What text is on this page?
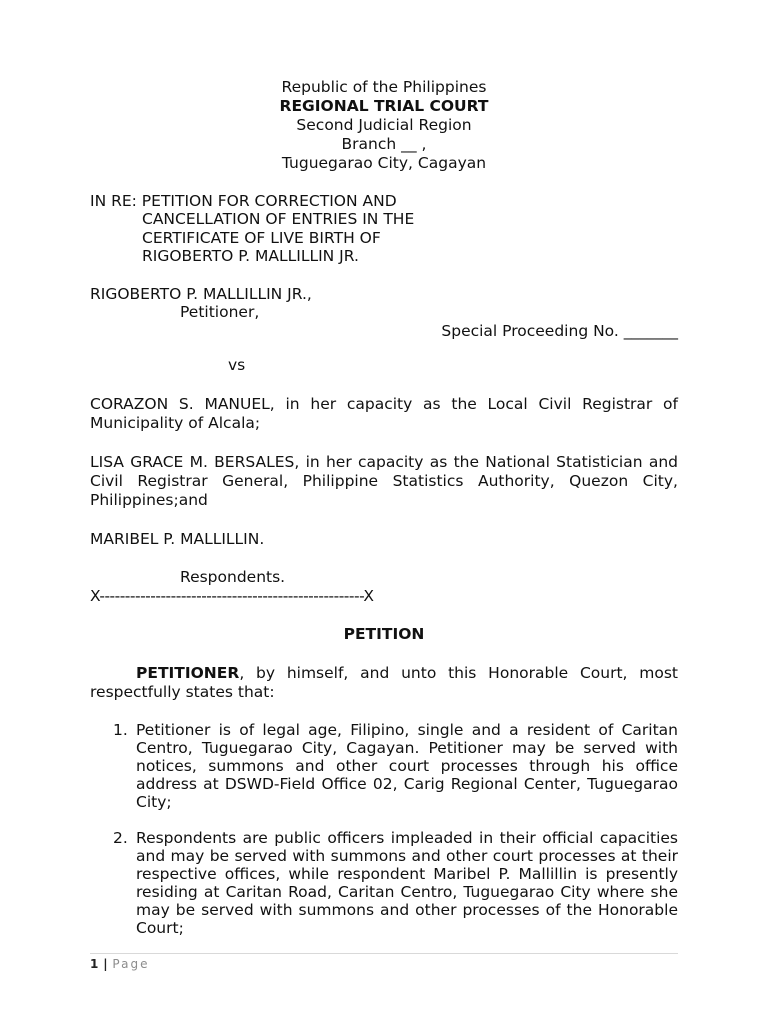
Republic of the Philippines
REGIONAL TRIAL COURT
Second Judicial Region
Branch __ ,
Tuguegarao City, Cagayan
IN RE: PETITION FOR CORRECTION AND
CANCELLATION OF ENTRIES IN THE
CERTIFICATE OF LIVE BIRTH OF
RIGOBERTO P. MALLILLIN JR.
RIGOBERTO P. MALLILLIN JR.,
Petitioner,
Special Proceeding No. _______
vs
CORAZON S. MANUEL, in her capacity as the Local Civil Registrar of Municipality of Alcala;
LISA GRACE M. BERSALES, in her capacity as the National Statistician and Civil Registrar General, Philippine Statistics Authority, Quezon City, Philippines;and
MARIBEL P. MALLILLIN.
Respondents.
X----------------------------------------------------X
PETITION
PETITIONER, by himself, and unto this Honorable Court, most respectfully states that:
1. Petitioner is of legal age, Filipino, single and a resident of Caritan Centro, Tuguegarao City, Cagayan. Petitioner may be served with notices, summons and other court processes through his office address at DSWD-Field Office 02, Carig Regional Center, Tuguegarao City;
2. Respondents are public officers impleaded in their official capacities and may be served with summons and other court processes at their respective offices, while respondent Maribel P. Mallillin is presently residing at Caritan Road, Caritan Centro, Tuguegarao City where she may be served with summons and other processes of the Honorable Court;
1 | Page
